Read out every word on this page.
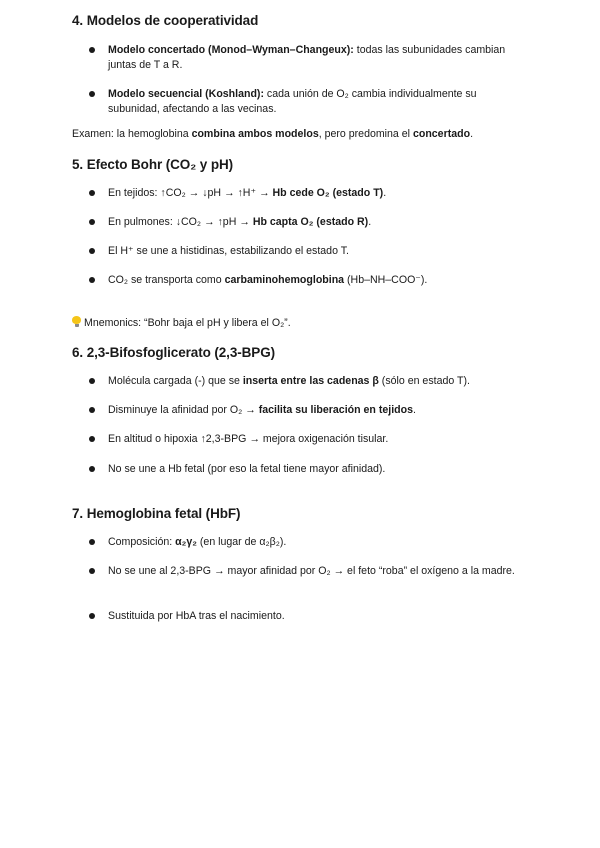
4. Modelos de cooperatividad
Modelo concertado (Monod–Wyman–Changeux): todas las subunidades cambian juntas de T a R.
Modelo secuencial (Koshland): cada unión de O₂ cambia individualmente su subunidad, afectando a las vecinas.
Examen: la hemoglobina combina ambos modelos, pero predomina el concertado.
5. Efecto Bohr (CO₂ y pH)
En tejidos: ↑CO₂ → ↓pH → ↑H⁺ → Hb cede O₂ (estado T).
En pulmones: ↓CO₂ → ↑pH → Hb capta O₂ (estado R).
El H⁺ se une a histidinas, estabilizando el estado T.
CO₂ se transporta como carbaminohemoglobina (Hb–NH–COO⁻).
Mnemonics: “Bohr baja el pH y libera el O₂”.
6. 2,3-Bifosfoglicerato (2,3-BPG)
Molécula cargada (-) que se inserta entre las cadenas β (sólo en estado T).
Disminuye la afinidad por O₂ → facilita su liberación en tejidos.
En altitud o hipoxia ↑2,3-BPG → mejora oxigenación tisular.
No se une a Hb fetal (por eso la fetal tiene mayor afinidad).
7. Hemoglobina fetal (HbF)
Composición: α₂γ₂ (en lugar de α₂β₂).
No se une al 2,3-BPG → mayor afinidad por O₂ → el feto “roba” el oxígeno a la madre.
Sustituida por HbA tras el nacimiento.
